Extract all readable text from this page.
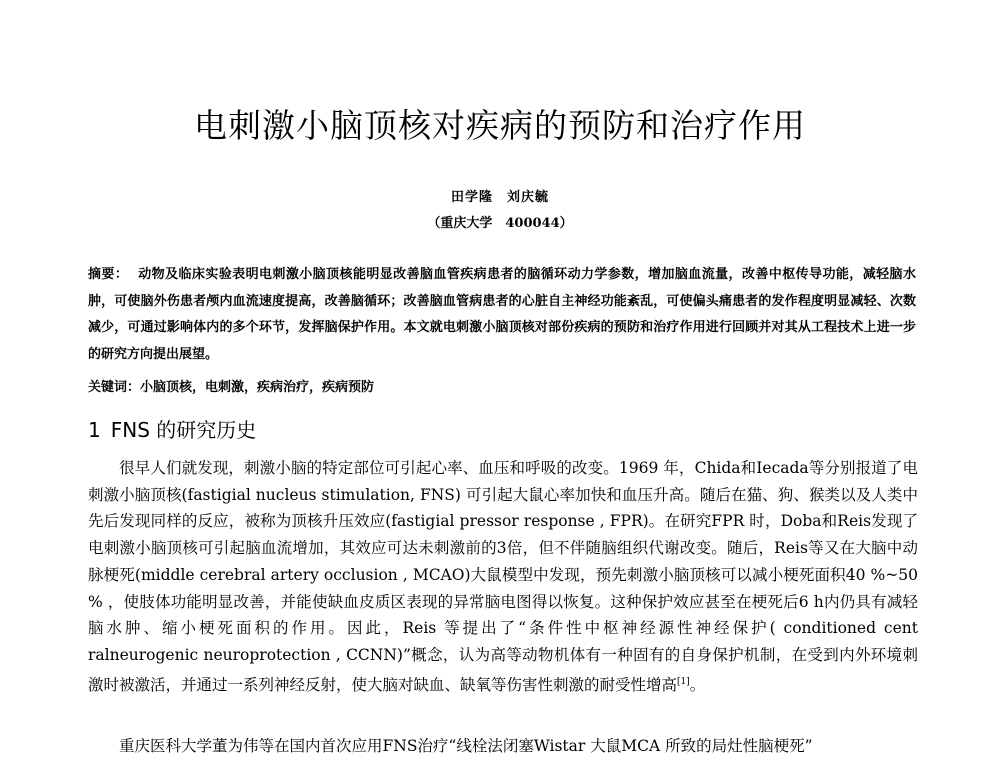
电刺激小脑顶核对疾病的预防和治疗作用
田学隆　刘庆毓
（重庆大学　400044）
摘要： 动物及临床实验表明电刺激小脑顶核能明显改善脑血管疾病患者的脑循环动力学参数，增加脑血流量，改善中枢传导功能，减轻脑水肿，可使脑外伤患者颅内血流速度提高，改善脑循环；改善脑血管病患者的心脏自主神经功能紊乱，可使偏头痛患者的发作程度明显减轻、次数减少，可通过影响体内的多个环节，发挥脑保护作用。本文就电刺激小脑顶核对部份疾病的预防和治疗作用进行回顾并对其从工程技术上进一步的研究方向提出展望。
关键词：小脑顶核，电刺激，疾病治疗，疾病预防
1 FNS 的研究历史
很早人们就发现，刺激小脑的特定部位可引起心率、血压和呼吸的改变。1969 年，Chida和Iecada等分别报道了电刺激小脑顶核(fastigial nucleus stimulation, FNS) 可引起大鼠心率加快和血压升高。随后在猫、狗、猴类以及人类中先后发现同样的反应，被称为顶核升压效应(fastigial pressor response , FPR)。在研究FPR 时，Doba和Reis发现了电刺激小脑顶核可引起脑血流增加，其效应可达未刺激前的3倍，但不伴随脑组织代谢改变。随后，Reis等又在大脑中动脉梗死(middle cerebral artery occlusion , MCAO)大鼠模型中发现，预先刺激小脑顶核可以减小梗死面积40 %~50 % ，使肢体功能明显改善，并能使缺血皮质区表现的异常脑电图得以恢复。这种保护效应甚至在梗死后6 h内仍具有减轻脑水肿、缩小梗死面积的作用。因此，Reis 等提出了“条件性中枢神经源性神经保护( conditioned cent ralneurogenic neuroprotection , CCNN)”概念，认为高等动物机体有一种固有的自身保护机制，在受到内外环境刺激时被激活，并通过一系列神经反射，使大脑对缺血、缺氧等伤害性刺激的耐受性增高[1]。
重庆医科大学董为伟等在国内首次应用FNS治疗“线栓法闭塞Wistar 大鼠MCA 所致的局灶性脑梗死”
